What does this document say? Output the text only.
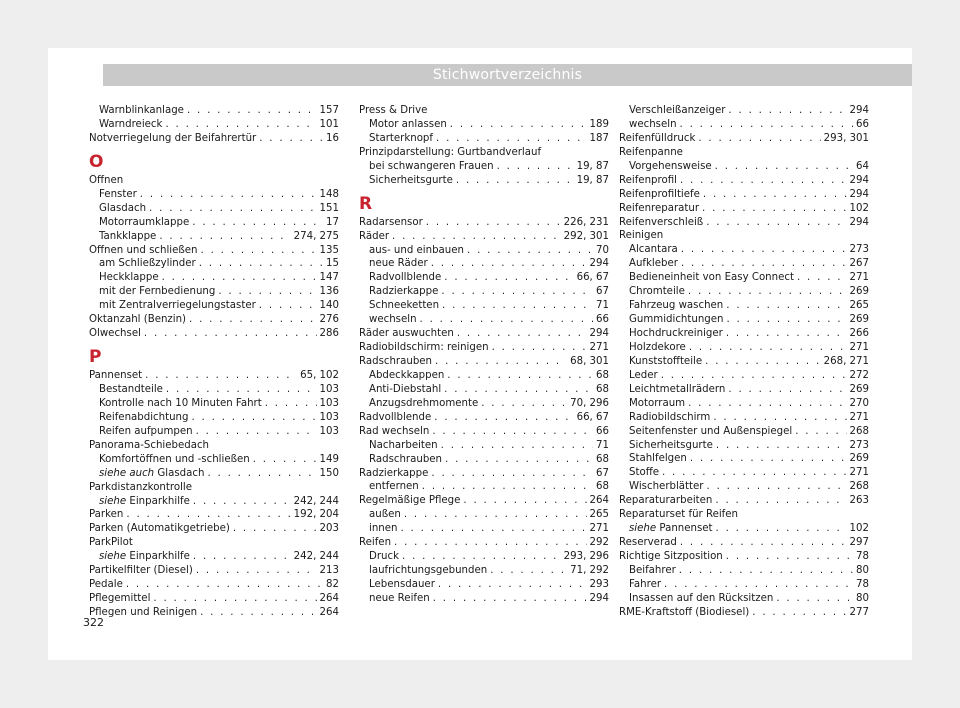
Stichwortverzeichnis
Warnblinkanlage . . .	157
Warndreieck . . .	101
Notverriegelung der Beifahrertür . . .	16
O
Öffnen
Fenster . . .	148
Glasdach . . .	151
Motorraumklappe . . .	17
Tankklappe . . .	274, 275
Öffnen und schließen . . .	135
am Schließzylinder . . .	15
Heckklappe . . .	147
mit der Fernbedienung . . .	136
mit Zentralverriegelungstaster . . .	140
Oktanzahl (Benzin) . . .	276
Ölwechsel . . .	286
P
Pannenset . . .	65, 102
Bestandteile . . .	103
Kontrolle nach 10 Minuten Fahrt . . .	103
Reifenabdichtung . . .	103
Reifen aufpumpen . . .	103
Panorama-Schiebedach
Komfortöffnen und -schließen . . .	149
siehe auch Glasdach . . .	150
Parkdistanzkontrolle
siehe Einparkhilfe . . .	242, 244
Parken . . .	192, 204
Parken (Automatikgetriebe) . . .	203
ParkPilot
siehe Einparkhilfe . . .	242, 244
Partikelfilter (Diesel) . . .	213
Pedale . . .	82
Pflegemittel . . .	264
Pflegen und Reinigen . . .	264
Press & Drive
Motor anlassen . . .	189
Starterknopf . . .	187
Prinzipdarstellung: Gurtbandverlauf
bei schwangeren Frauen . . .	19, 87
Sicherheitsgurte . . .	19, 87
R
Radarsensor . . .	226, 231
Räder . . .	292, 301
aus- und einbauen . . .	70
neue Räder . . .	294
Radvollblende . . .	66, 67
Radzierkappe . . .	67
Schneeketten . . .	71
wechseln . . .	66
Räder auswuchten . . .	294
Radiobildschirm: reinigen . . .	271
Radschrauben . . .	68, 301
Abdeckkappen . . .	68
Anti-Diebstahl . . .	68
Anzugsdrehmomente . . .	70, 296
Radvollblende . . .	66, 67
Rad wechseln . . .	66
Nacharbeiten . . .	71
Radschrauben . . .	68
Radzierkappe . . .	67
entfernen . . .	68
Regelmäßige Pflege . . .	264
außen . . .	265
innen . . .	271
Reifen . . .	292
Druck . . .	293, 296
laufrichtungsgebunden . . .	71, 292
Lebensdauer . . .	293
neue Reifen . . .	294
Verschleißanzeiger . . .	294
wechseln . . .	66
Reifenfülldruck . . .	293, 301
Reifenpanne
Vorgehensweise . . .	64
Reifenprofil . . .	294
Reifenprofiltiefe . . .	294
Reifenreparatur . . .	102
Reifenverschleiß . . .	294
Reinigen
Alcantara . . .	273
Aufkleber . . .	267
Bedieneinheit von Easy Connect . . .	271
Chromteile . . .	269
Fahrzeug waschen . . .	265
Gummidichtungen . . .	269
Hochdruckreiniger . . .	266
Holzdekore . . .	271
Kunststoffteile . . .	268, 271
Leder . . .	272
Leichtmetallrädern . . .	269
Motorraum . . .	270
Radiobildschirm . . .	271
Seitenfenster und Außenspiegel . . .	268
Sicherheitsgurte . . .	273
Stahlfelgen . . .	269
Stoffe . . .	271
Wischerblätter . . .	268
Reparaturarbeiten . . .	263
Reparaturset für Reifen
siehe Pannenset . . .	102
Reserverad . . .	297
Richtige Sitzposition . . .	78
Beifahrer . . .	80
Fahrer . . .	78
Insassen auf den Rücksitzen . . .	80
RME-Kraftstoff (Biodiesel) . . .	277
322
